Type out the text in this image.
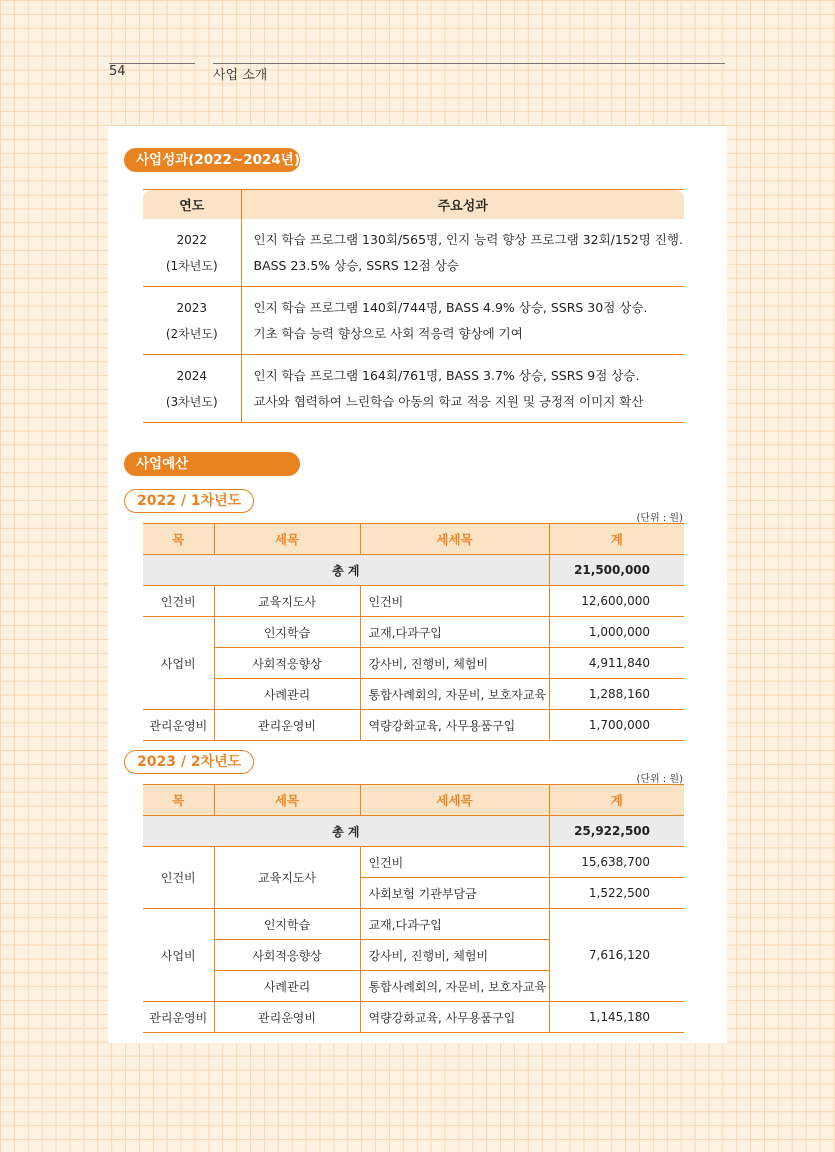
54	사업 소개
사업성과(2022~2024년)
연도	주요성과
2022
(1차년도)	인지 학습 프로그램 130회/565명, 인지 능력 향상 프로그램 32회/152명 진행.
BASS 23.5% 상승, SSRS 12점 상승
2023
(2차년도)	인지 학습 프로그램 140회/744명, BASS 4.9% 상승, SSRS 30점 상승.
기초 학습 능력 향상으로 사회 적응력 향상에 기여
2024
(3차년도)	인지 학습 프로그램 164회/761명, BASS 3.7% 상승, SSRS 9점 상승.
교사와 협력하여 느린학습 아동의 학교 적응 지원 및 긍정적 이미지 확산
사업예산
2022 / 1차년도
(단위 : 원)
목	세목	세세목	계
총 계			21,500,000
인건비	교육지도사	인건비	12,600,000
사업비	인지학습	교재,다과구입	1,000,000
	사회적응향상	강사비, 진행비, 체험비	4,911,840
	사례관리	통합사례회의, 자문비, 보호자교육	1,288,160
관리운영비	관리운영비	역량강화교육, 사무용품구입	1,700,000
2023 / 2차년도
(단위 : 원)
목	세목	세세목	계
총 계			25,922,500
인건비	교육지도사	인건비	15,638,700
		사회보험 기관부담금	1,522,500
사업비	인지학습	교재,다과구입	7,616,120
	사회적응향상	강사비, 진행비, 체험비	
	사례관리	통합사례회의, 자문비, 보호자교육	
관리운영비	관리운영비	역량강화교육, 사무용품구입	1,145,180
